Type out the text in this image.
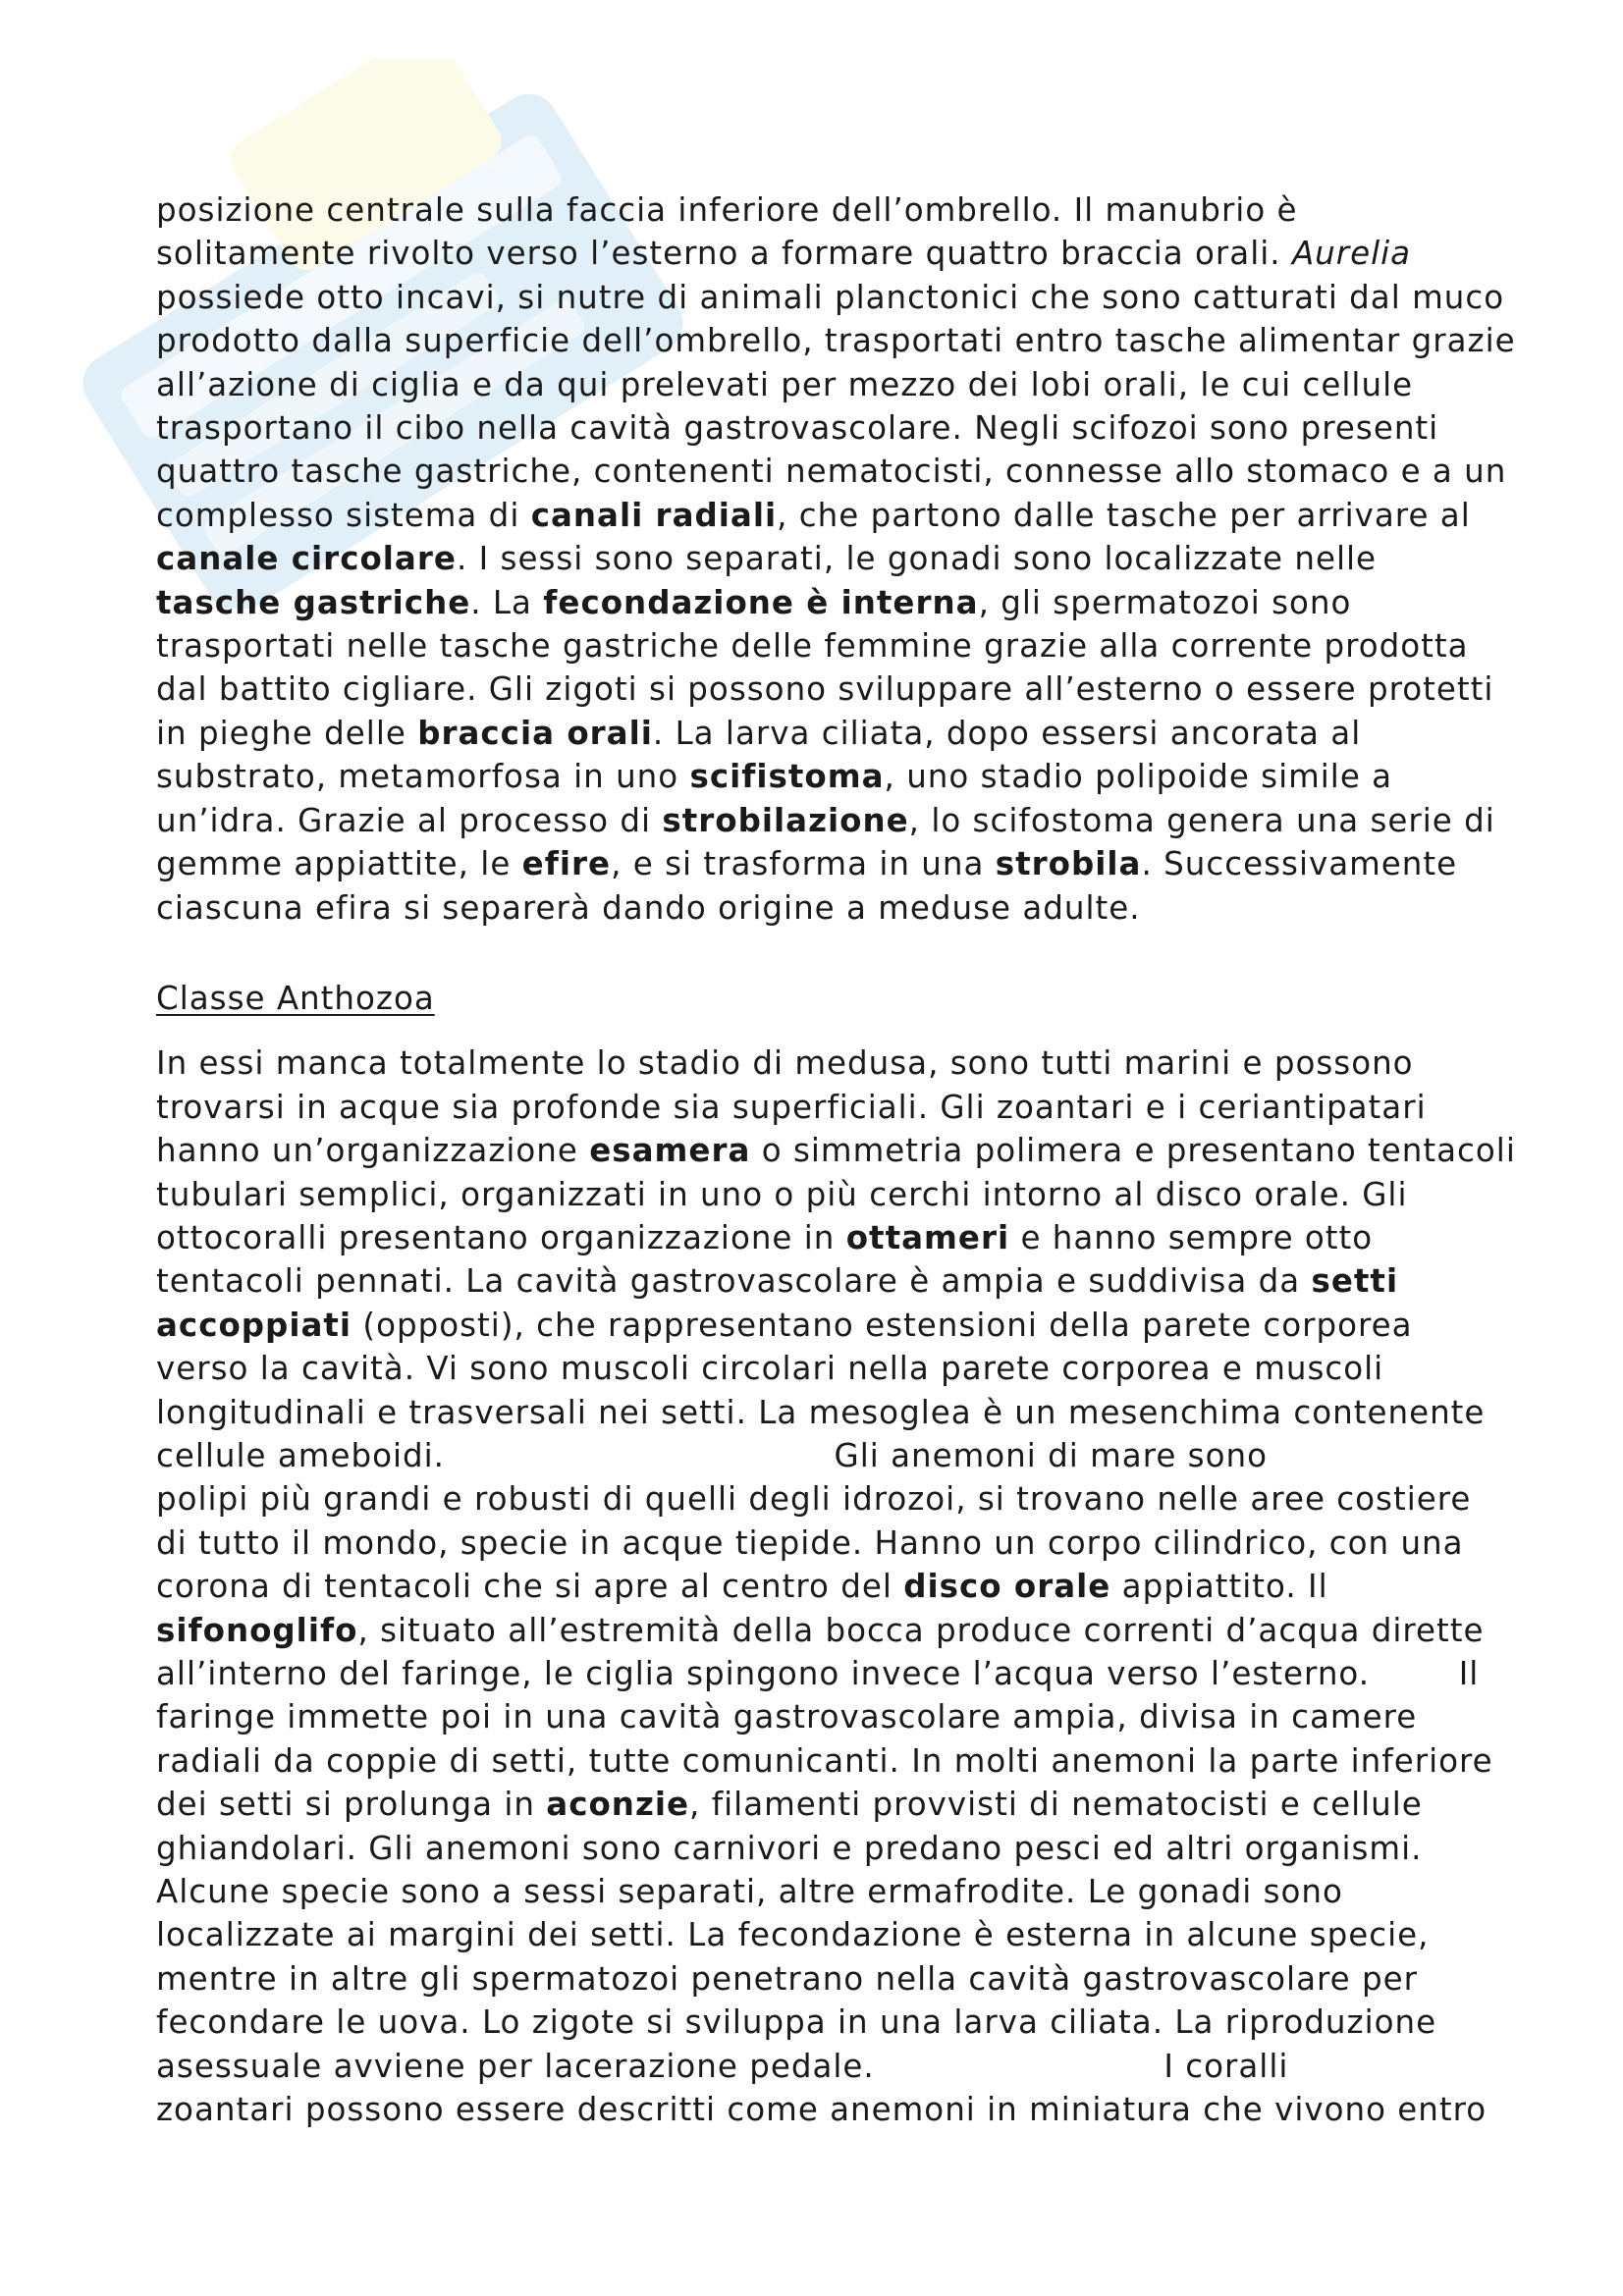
posizione centrale sulla faccia inferiore dell’ombrello. Il manubrio è
solitamente rivolto verso l’esterno a formare quattro braccia orali. Aurelia
possiede otto incavi, si nutre di animali planctonici che sono catturati dal muco
prodotto dalla superficie dell’ombrello, trasportati entro tasche alimentar grazie
all’azione di ciglia e da qui prelevati per mezzo dei lobi orali, le cui cellule
trasportano il cibo nella cavità gastrovascolare. Negli scifozoi sono presenti
quattro tasche gastriche, contenenti nematocisti, connesse allo stomaco e a un
complesso sistema di canali radiali, che partono dalle tasche per arrivare al
canale circolare. I sessi sono separati, le gonadi sono localizzate nelle
tasche gastriche. La fecondazione è interna, gli spermatozoi sono
trasportati nelle tasche gastriche delle femmine grazie alla corrente prodotta
dal battito cigliare. Gli zigoti si possono sviluppare all’esterno o essere protetti
in pieghe delle braccia orali. La larva ciliata, dopo essersi ancorata al
substrato, metamorfosa in uno scifistoma, uno stadio polipoide simile a
un’idra. Grazie al processo di strobilazione, lo scifostoma genera una serie di
gemme appiattite, le efire, e si trasforma in una strobila. Successivamente
ciascuna efira si separerà dando origine a meduse adulte.
Classe Anthozoa
In essi manca totalmente lo stadio di medusa, sono tutti marini e possono
trovarsi in acque sia profonde sia superficiali. Gli zoantari e i ceriantipatari
hanno un’organizzazione esamera o simmetria polimera e presentano tentacoli
tubulari semplici, organizzati in uno o più cerchi intorno al disco orale. Gli
ottocoralli presentano organizzazione in ottameri e hanno sempre otto
tentacoli pennati. La cavità gastrovascolare è ampia e suddivisa da setti
accoppiati (opposti), che rappresentano estensioni della parete corporea
verso la cavità. Vi sono muscoli circolari nella parete corporea e muscoli
longitudinali e trasversali nei setti. La mesoglea è un mesenchima contenente
cellule ameboidi.                                   Gli anemoni di mare sono
polipi più grandi e robusti di quelli degli idrozoi, si trovano nelle aree costiere
di tutto il mondo, specie in acque tiepide. Hanno un corpo cilindrico, con una
corona di tentacoli che si apre al centro del disco orale appiattito. Il
sifonoglifo, situato all’estremità della bocca produce correnti d’acqua dirette
all’interno del faringe, le ciglia spingono invece l’acqua verso l’esterno.        Il
faringe immette poi in una cavità gastrovascolare ampia, divisa in camere
radiali da coppie di setti, tutte comunicanti. In molti anemoni la parte inferiore
dei setti si prolunga in aconzie, filamenti provvisti di nematocisti e cellule
ghiandolari. Gli anemoni sono carnivori e predano pesci ed altri organismi.
Alcune specie sono a sessi separati, altre ermafrodite. Le gonadi sono
localizzate ai margini dei setti. La fecondazione è esterna in alcune specie,
mentre in altre gli spermatozoi penetrano nella cavità gastrovascolare per
fecondare le uova. Lo zigote si sviluppa in una larva ciliata. La riproduzione
asessuale avviene per lacerazione pedale.                          I coralli
zoantari possono essere descritti come anemoni in miniatura che vivono entro
